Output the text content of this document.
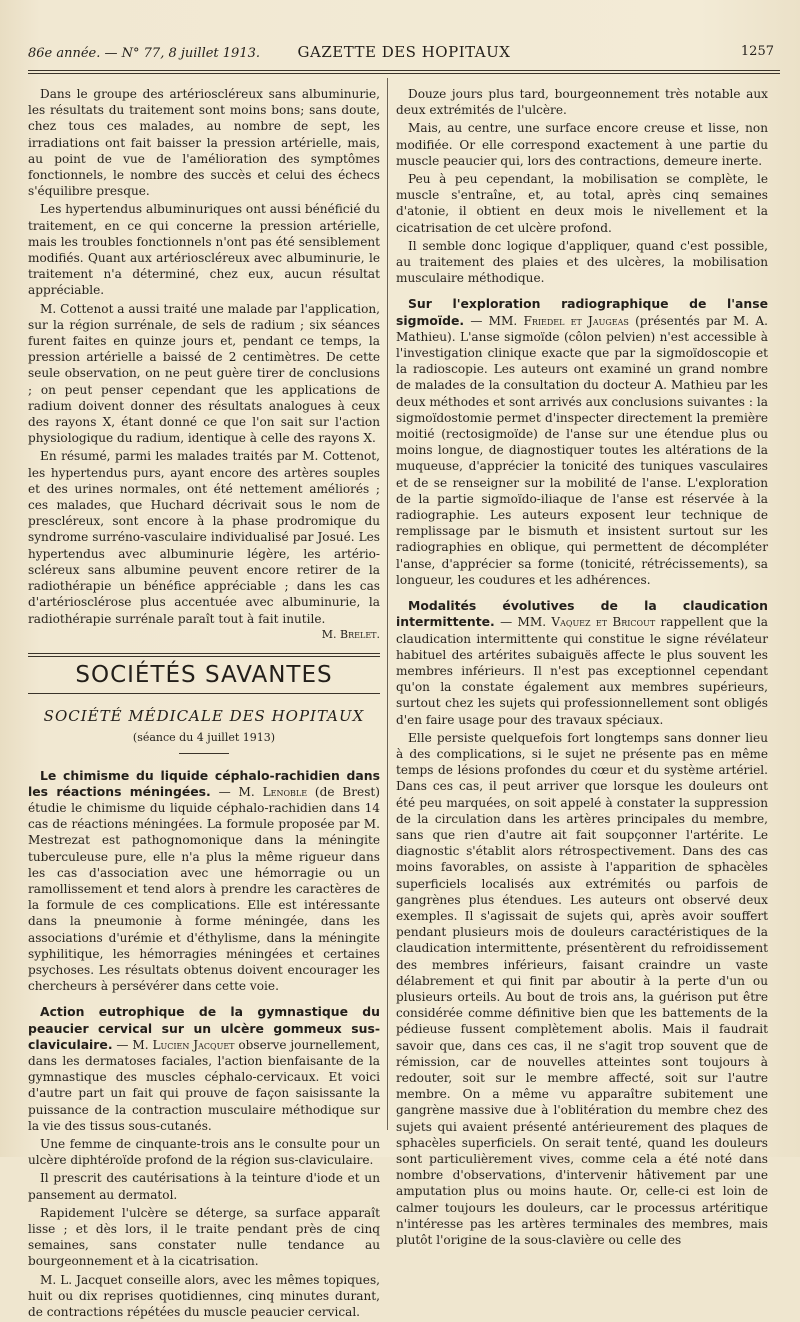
86e année. — N° 77, 8 juillet 1913.	GAZETTE DES HOPITAUX	1257

Dans le groupe des artérioscléreux sans albuminurie, les résultats du traitement sont moins bons; sans doute, chez tous ces malades, au nombre de sept, les irradiations ont fait baisser la pression artérielle, mais, au point de vue de l'amélioration des symptômes fonctionnels, le nombre des succès et celui des échecs s'équilibre presque.

Les hypertendus albuminuriques ont aussi bénéficié du traitement, en ce qui concerne la pression artérielle, mais les troubles fonctionnels n'ont pas été sensiblement modifiés. Quant aux artérioscléreux avec albuminurie, le traitement n'a déterminé, chez eux, aucun résultat appréciable.

M. Cottenot a aussi traité une malade par l'application, sur la région surrénale, de sels de radium ; six séances furent faites en quinze jours et, pendant ce temps, la pression artérielle a baissé de 2 centimètres. De cette seule observation, on ne peut guère tirer de conclusions ; on peut penser cependant que les applications de radium doivent donner des résultats analogues à ceux des rayons X, étant donné ce que l'on sait sur l'action physiologique du radium, identique à celle des rayons X.

En résumé, parmi les malades traités par M. Cottenot, les hypertendus purs, ayant encore des artères souples et des urines normales, ont été nettement améliorés ; ces malades, que Huchard décrivait sous le nom de prescléreux, sont encore à la phase prodromique du syndrome surréno-vasculaire individualisé par Josué. Les hypertendus avec albuminurie légère, les artério-scléreux sans albumine peuvent encore retirer de la radiothérapie un bénéfice appréciable ; dans les cas d'artériosclérose plus accentuée avec albuminurie, la radiothérapie surrénale paraît tout à fait inutile.

M. Brelet.
SOCIÉTÉS SAVANTES
SOCIÉTÉ MÉDICALE DES HOPITAUX
(séance du 4 juillet 1913)

Le chimisme du liquide céphalo-rachidien dans les réactions méningées. — M. Lenoble (de Brest) étudie le chimisme du liquide céphalo-rachidien dans 14 cas de réactions méningées. La formule proposée par M. Mestrezat est pathognomonique dans la méningite tuberculeuse pure, elle n'a plus la même rigueur dans les cas d'association avec une hémorragie ou un ramollissement et tend alors à prendre les caractères de la formule de ces complications. Elle est intéressante dans la pneumonie à forme méningée, dans les associations d'urémie et d'éthylisme, dans la méningite syphilitique, les hémorragies méningées et certaines psychoses. Les résultats obtenus doivent encourager les chercheurs à persévérer dans cette voie.

Action eutrophique de la gymnastique du peaucier cervical sur un ulcère gommeux sus-claviculaire. — M. Lucien Jacquet observe journellement, dans les dermatoses faciales, l'action bienfaisante de la gymnastique des muscles céphalo-cervicaux. Et voici d'autre part un fait qui prouve de façon saisissante la puissance de la contraction musculaire méthodique sur la vie des tissus sous-cutanés.

Une femme de cinquante-trois ans le consulte pour un ulcère diphtéroïde profond de la région sus-claviculaire.

Il prescrit des cautérisations à la teinture d'iode et un pansement au dermatol.

Rapidement l'ulcère se déterge, sa surface apparaît lisse ; et dès lors, il le traite pendant près de cinq semaines, sans constater nulle tendance au bourgeonnement et à la cicatrisation.

M. L. Jacquet conseille alors, avec les mêmes topiques, huit ou dix reprises quotidiennes, cinq minutes durant, de contractions répétées du muscle peaucier cervical.

Douze jours plus tard, bourgeonnement très notable aux deux extrémités de l'ulcère.

Mais, au centre, une surface encore creuse et lisse, non modifiée. Or elle correspond exactement à une partie du muscle peaucier qui, lors des contractions, demeure inerte.

Peu à peu cependant, la mobilisation se complète, le muscle s'entraîne, et, au total, après cinq semaines d'atonie, il obtient en deux mois le nivellement et la cicatrisation de cet ulcère profond.

Il semble donc logique d'appliquer, quand c'est possible, au traitement des plaies et des ulcères, la mobilisation musculaire méthodique.

Sur l'exploration radiographique de l'anse sigmoïde. — MM. Friedel et Jaugeas (présentés par M. A. Mathieu). L'anse sigmoïde (côlon pelvien) n'est accessible à l'investigation clinique exacte que par la sigmoïdoscopie et la radioscopie. Les auteurs ont examiné un grand nombre de malades de la consultation du docteur A. Mathieu par les deux méthodes et sont arrivés aux conclusions suivantes : la sigmoïdostomie permet d'inspecter directement la première moitié (rectosigmoïde) de l'anse sur une étendue plus ou moins longue, de diagnostiquer toutes les altérations de la muqueuse, d'apprécier la tonicité des tuniques vasculaires et de se renseigner sur la mobilité de l'anse. L'exploration de la partie sigmoïdo-iliaque de l'anse est réservée à la radiographie. Les auteurs exposent leur technique de remplissage par le bismuth et insistent surtout sur les radiographies en oblique, qui permettent de décompléter l'anse, d'apprécier sa forme (tonicité, rétrécissements), sa longueur, les coudures et les adhérences.

Modalités évolutives de la claudication intermittente. — MM. Vaquez et Bricout rappellent que la claudication intermittente qui constitue le signe révélateur habituel des artérites subaiguës affecte le plus souvent les membres inférieurs. Il n'est pas exceptionnel cependant qu'on la constate également aux membres supérieurs, surtout chez les sujets qui professionnellement sont obligés d'en faire usage pour des travaux spéciaux.

Elle persiste quelquefois fort longtemps sans donner lieu à des complications, si le sujet ne présente pas en même temps de lésions profondes du cœur et du système artériel. Dans ces cas, il peut arriver que lorsque les douleurs ont été peu marquées, on soit appelé à constater la suppression de la circulation dans les artères principales du membre, sans que rien d'autre ait fait soupçonner l'artérite. Le diagnostic s'établit alors rétrospectivement. Dans des cas moins favorables, on assiste à l'apparition de sphacèles superficiels localisés aux extrémités ou parfois de gangrènes plus étendues. Les auteurs ont observé deux exemples. Il s'agissait de sujets qui, après avoir souffert pendant plusieurs mois de douleurs caractéristiques de la claudication intermittente, présentèrent du refroidissement des membres inférieurs, faisant craindre un vaste délabrement et qui finit par aboutir à la perte d'un ou plusieurs orteils. Au bout de trois ans, la guérison put être considérée comme définitive bien que les battements de la pédieuse fussent complètement abolis. Mais il faudrait savoir que, dans ces cas, il ne s'agit trop souvent que de rémission, car de nouvelles atteintes sont toujours à redouter, soit sur le membre affecté, soit sur l'autre membre. On a même vu apparaître subitement une gangrène massive due à l'oblitération du membre chez des sujets qui avaient présenté antérieurement des plaques de sphacèles superficiels. On serait tenté, quand les douleurs sont particulièrement vives, comme cela a été noté dans nombre d'observations, d'intervenir hâtivement par une amputation plus ou moins haute. Or, celle-ci est loin de calmer toujours les douleurs, car le processus artéritique n'intéresse pas les artères terminales des membres, mais plutôt l'origine de la sous-clavière ou celle des
